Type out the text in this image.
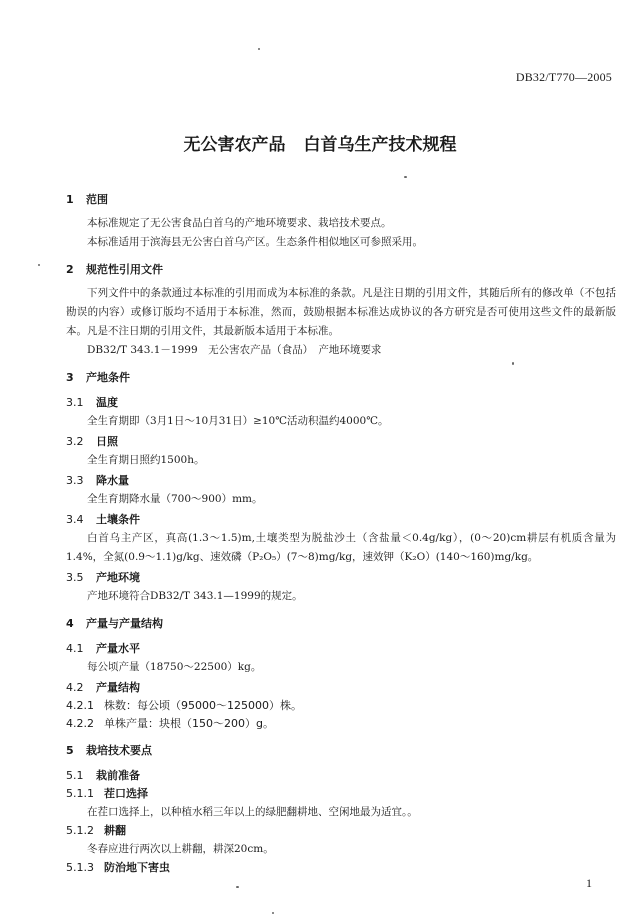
DB32/T770—2005
无公害农产品 白首乌生产技术规程
1 范围

本标准规定了无公害食品白首乌的产地环境要求、栽培技术要点。

本标准适用于滨海县无公害白首乌产区。生态条件相似地区可参照采用。

2 规范性引用文件

下列文件中的条款通过本标准的引用而成为本标准的条款。凡是注日期的引用文件，其随后所有的修改单（不包括勘误的内容）或修订版均不适用于本标准，然而，鼓励根据本标准达成协议的各方研究是否可使用这些文件的最新版本。凡是不注日期的引用文件，其最新版本适用于本标准。

DB32/T 343.1－1999　无公害农产品（食品）　产地环境要求

3 产地条件
3.1 温度

全生育期即（3月1日～10月31日）≥10℃活动积温约4000℃。

3.2 日照

全生育期日照约1500h。

3.3 降水量

全生育期降水量（700～900）mm。

3.4 土壤条件

白首乌主产区，真高(1.3～1.5)m,土壤类型为脱盐沙土（含盐量＜0.4g/kg），(0～20)cm耕层有机质含量为1.4%，全氮(0.9～1.1)g/kg、速效磷（P₂O₅）(7～8)mg/kg，速效钾（K₂O）(140～160)mg/kg。

3.5 产地环境

产地环境符合DB32/T 343.1—1999的规定。

4 产量与产量结构
4.1 产量水平

每公顷产量（18750～22500）kg。

4.2 产量结构
4.2.1 株数：每公顷（95000～125000）株。
4.2.2 单株产量：块根（150～200）g。
5 栽培技术要点
5.1 栽前准备
5.1.1 茬口选择

在茬口选择上，以种植水稻三年以上的绿肥翻耕地、空闲地最为适宜。。

5.1.2 耕翻

冬春应进行两次以上耕翻，耕深20cm。

5.1.3 防治地下害虫
1
